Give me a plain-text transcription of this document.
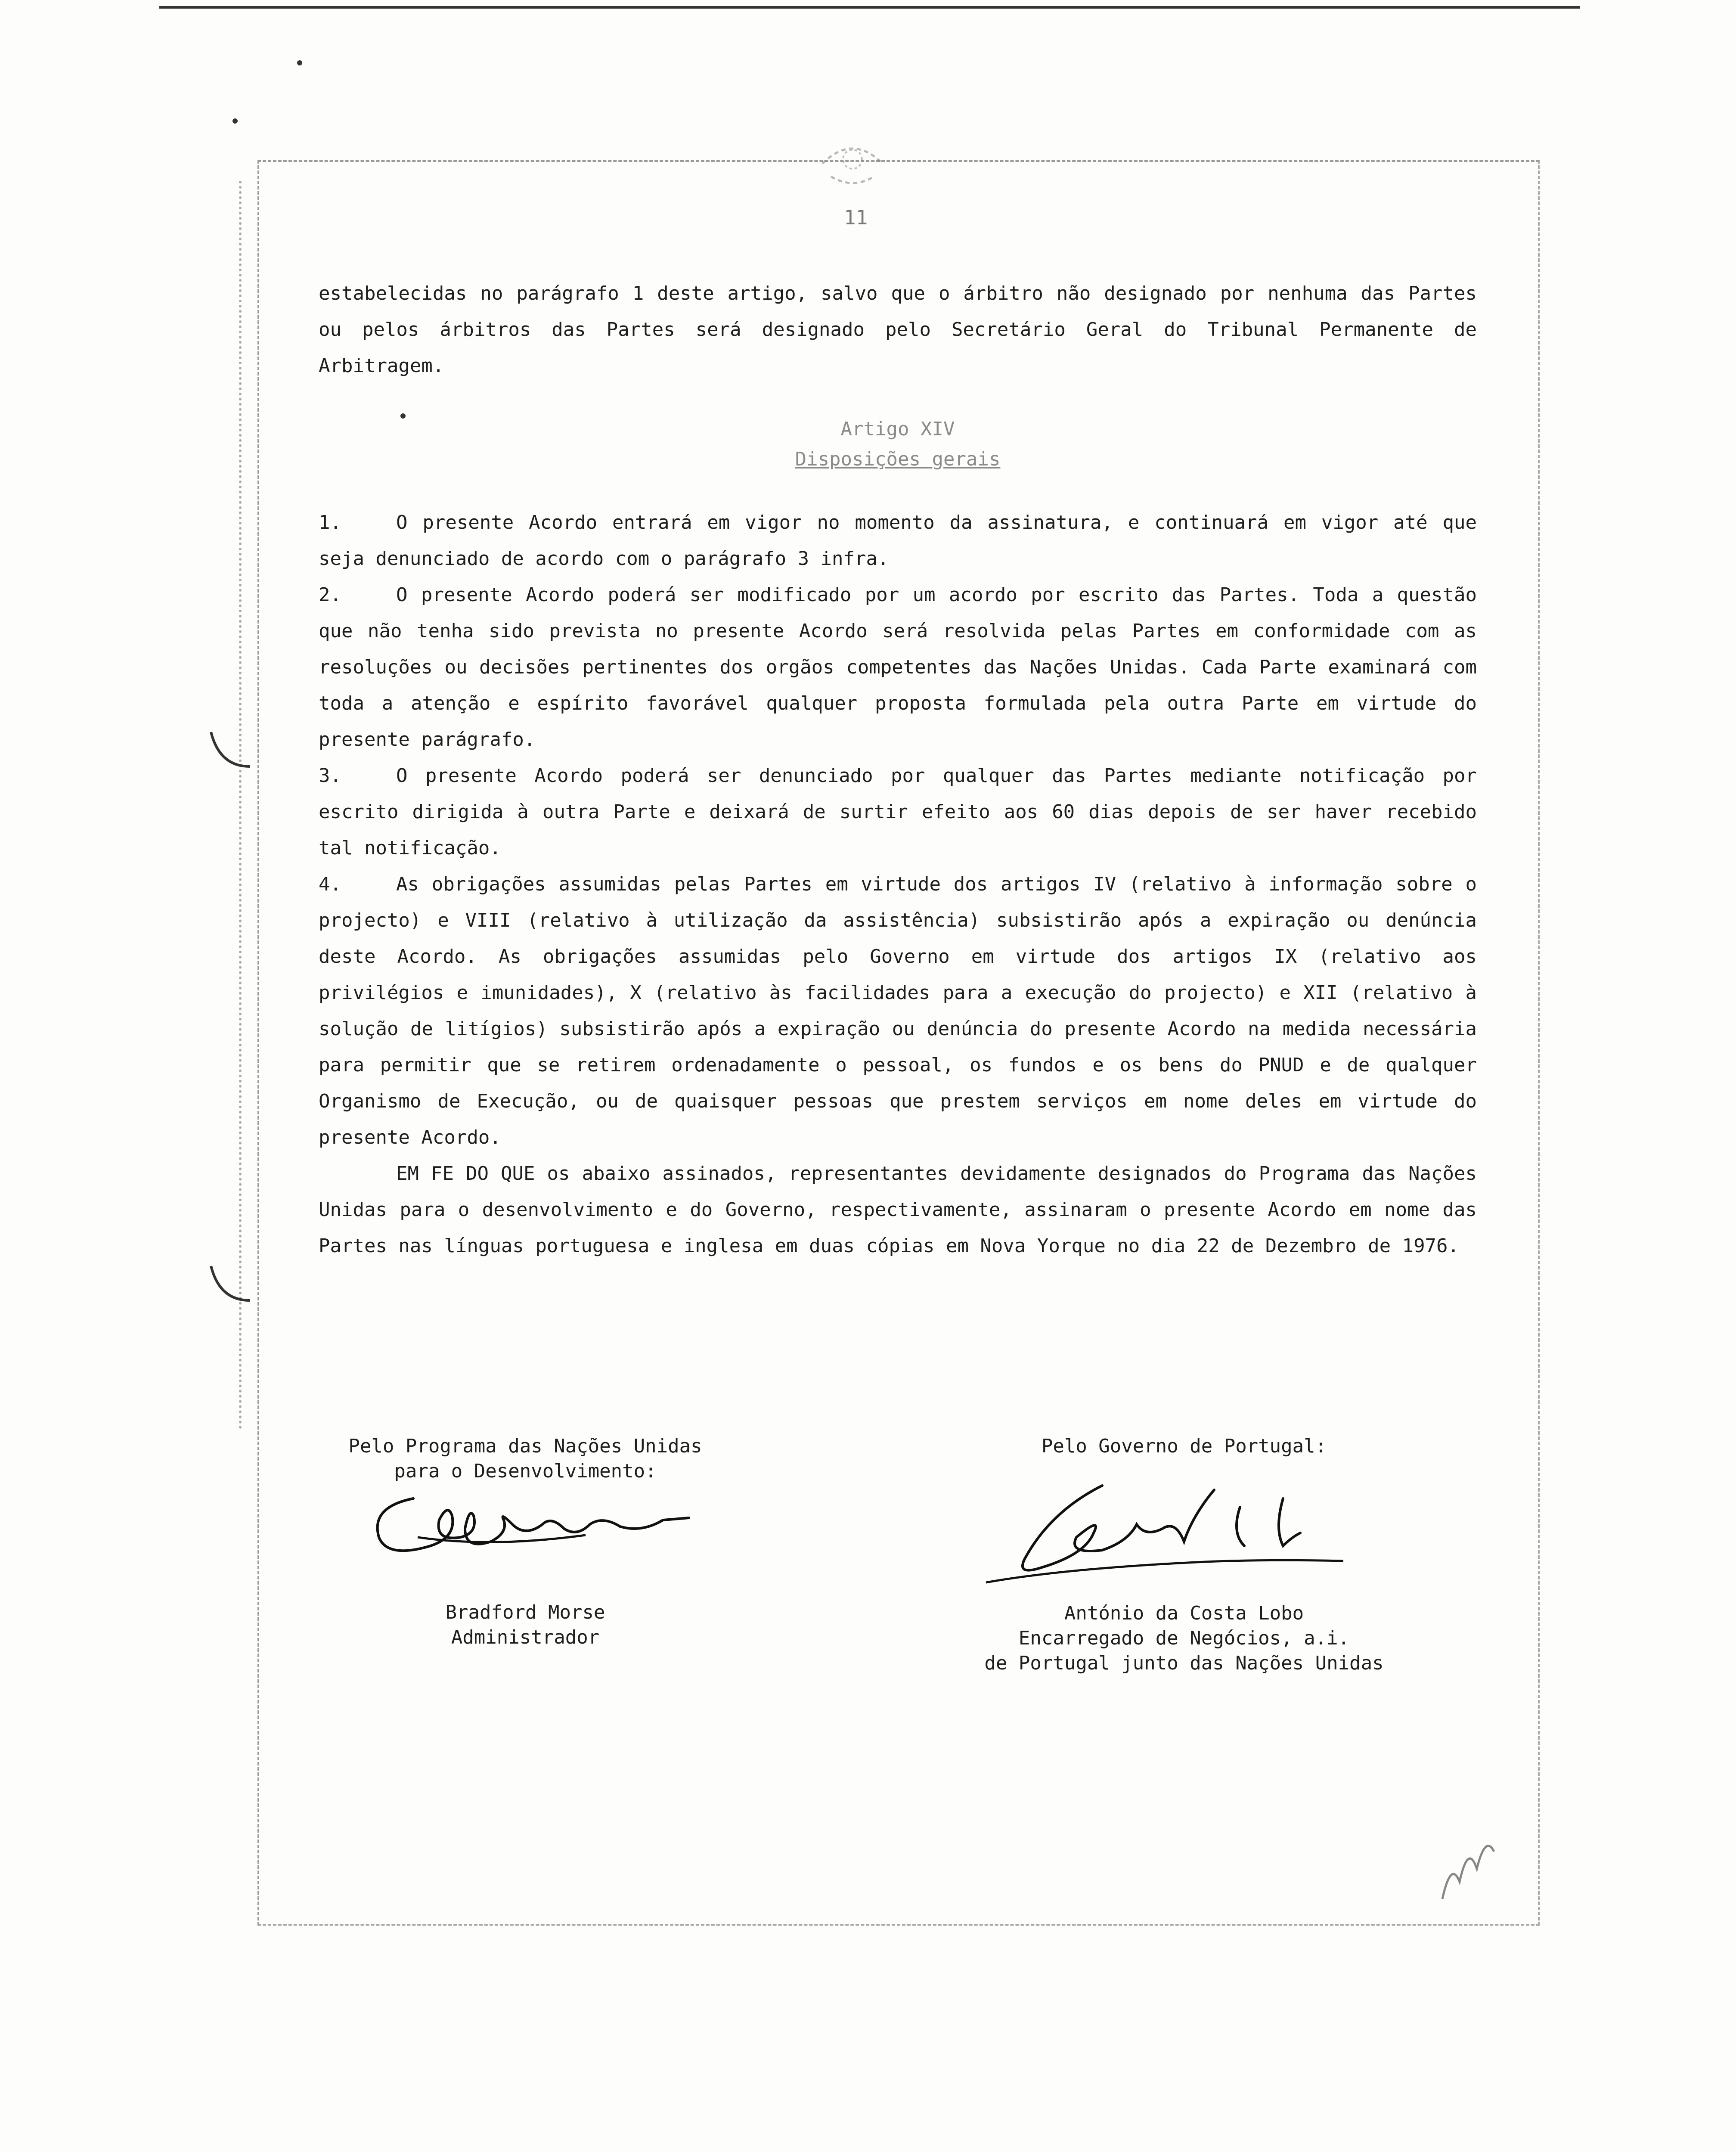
11

estabelecidas no parágrafo 1 deste artigo, salvo que o árbitro não designado por nenhuma das Partes ou pelos árbitros das Partes será designado pelo Secretário Geral do Tribunal Permanente de Arbitragem.

Artigo XIV
Disposições gerais

1.	O presente Acordo entrará em vigor no momento da assinatura, e continuará em vigor até que seja denunciado de acordo com o parágrafo 3 infra.

2.	O presente Acordo poderá ser modificado por um acordo por escrito das Partes. Toda a questão que não tenha sido prevista no presente Acordo será resolvida pelas Partes em conformidade com as resoluções ou decisões pertinentes dos orgãos competentes das Nações Unidas. Cada Parte examinará com toda a atenção e espírito favorável qualquer proposta formulada pela outra Parte em virtude do presente parágrafo.

3.	O presente Acordo poderá ser denunciado por qualquer das Partes mediante notificação por escrito dirigida à outra Parte e deixará de surtir efeito aos 60 dias depois de ser haver recebido tal notificação.

4.	As obrigações assumidas pelas Partes em virtude dos artigos IV (relativo à informação sobre o projecto) e VIII (relativo à utilização da assistência) subsistirão após a expiração ou denúncia deste Acordo. As obrigações assumidas pelo Governo em virtude dos artigos IX (relativo aos privilégios e imunidades), X (relativo às facilidades para a execução do projecto) e XII (relativo à solução de litígios) subsistirão após a expiração ou denúncia do presente Acordo na medida necessária para permitir que se retirem ordenadamente o pessoal, os fundos e os bens do PNUD e de qualquer Organismo de Execução, ou de quaisquer pessoas que prestem serviços em nome deles em virtude do presente Acordo.

EM FE DO QUE os abaixo assinados, representantes devidamente designados do Programa das Nações Unidas para o desenvolvimento e do Governo, respectivamente, assinaram o presente Acordo em nome das Partes nas línguas portuguesa e inglesa em duas cópias em Nova Yorque no dia 22 de Dezembro de 1976.

Pelo Programa das Nações Unidas
para o Desenvolvimento:
Bradford Morse
Administrador
Pelo Governo de Portugal:
António da Costa Lobo
Encarregado de Negócios, a.i.
de Portugal junto das Nações Unidas
